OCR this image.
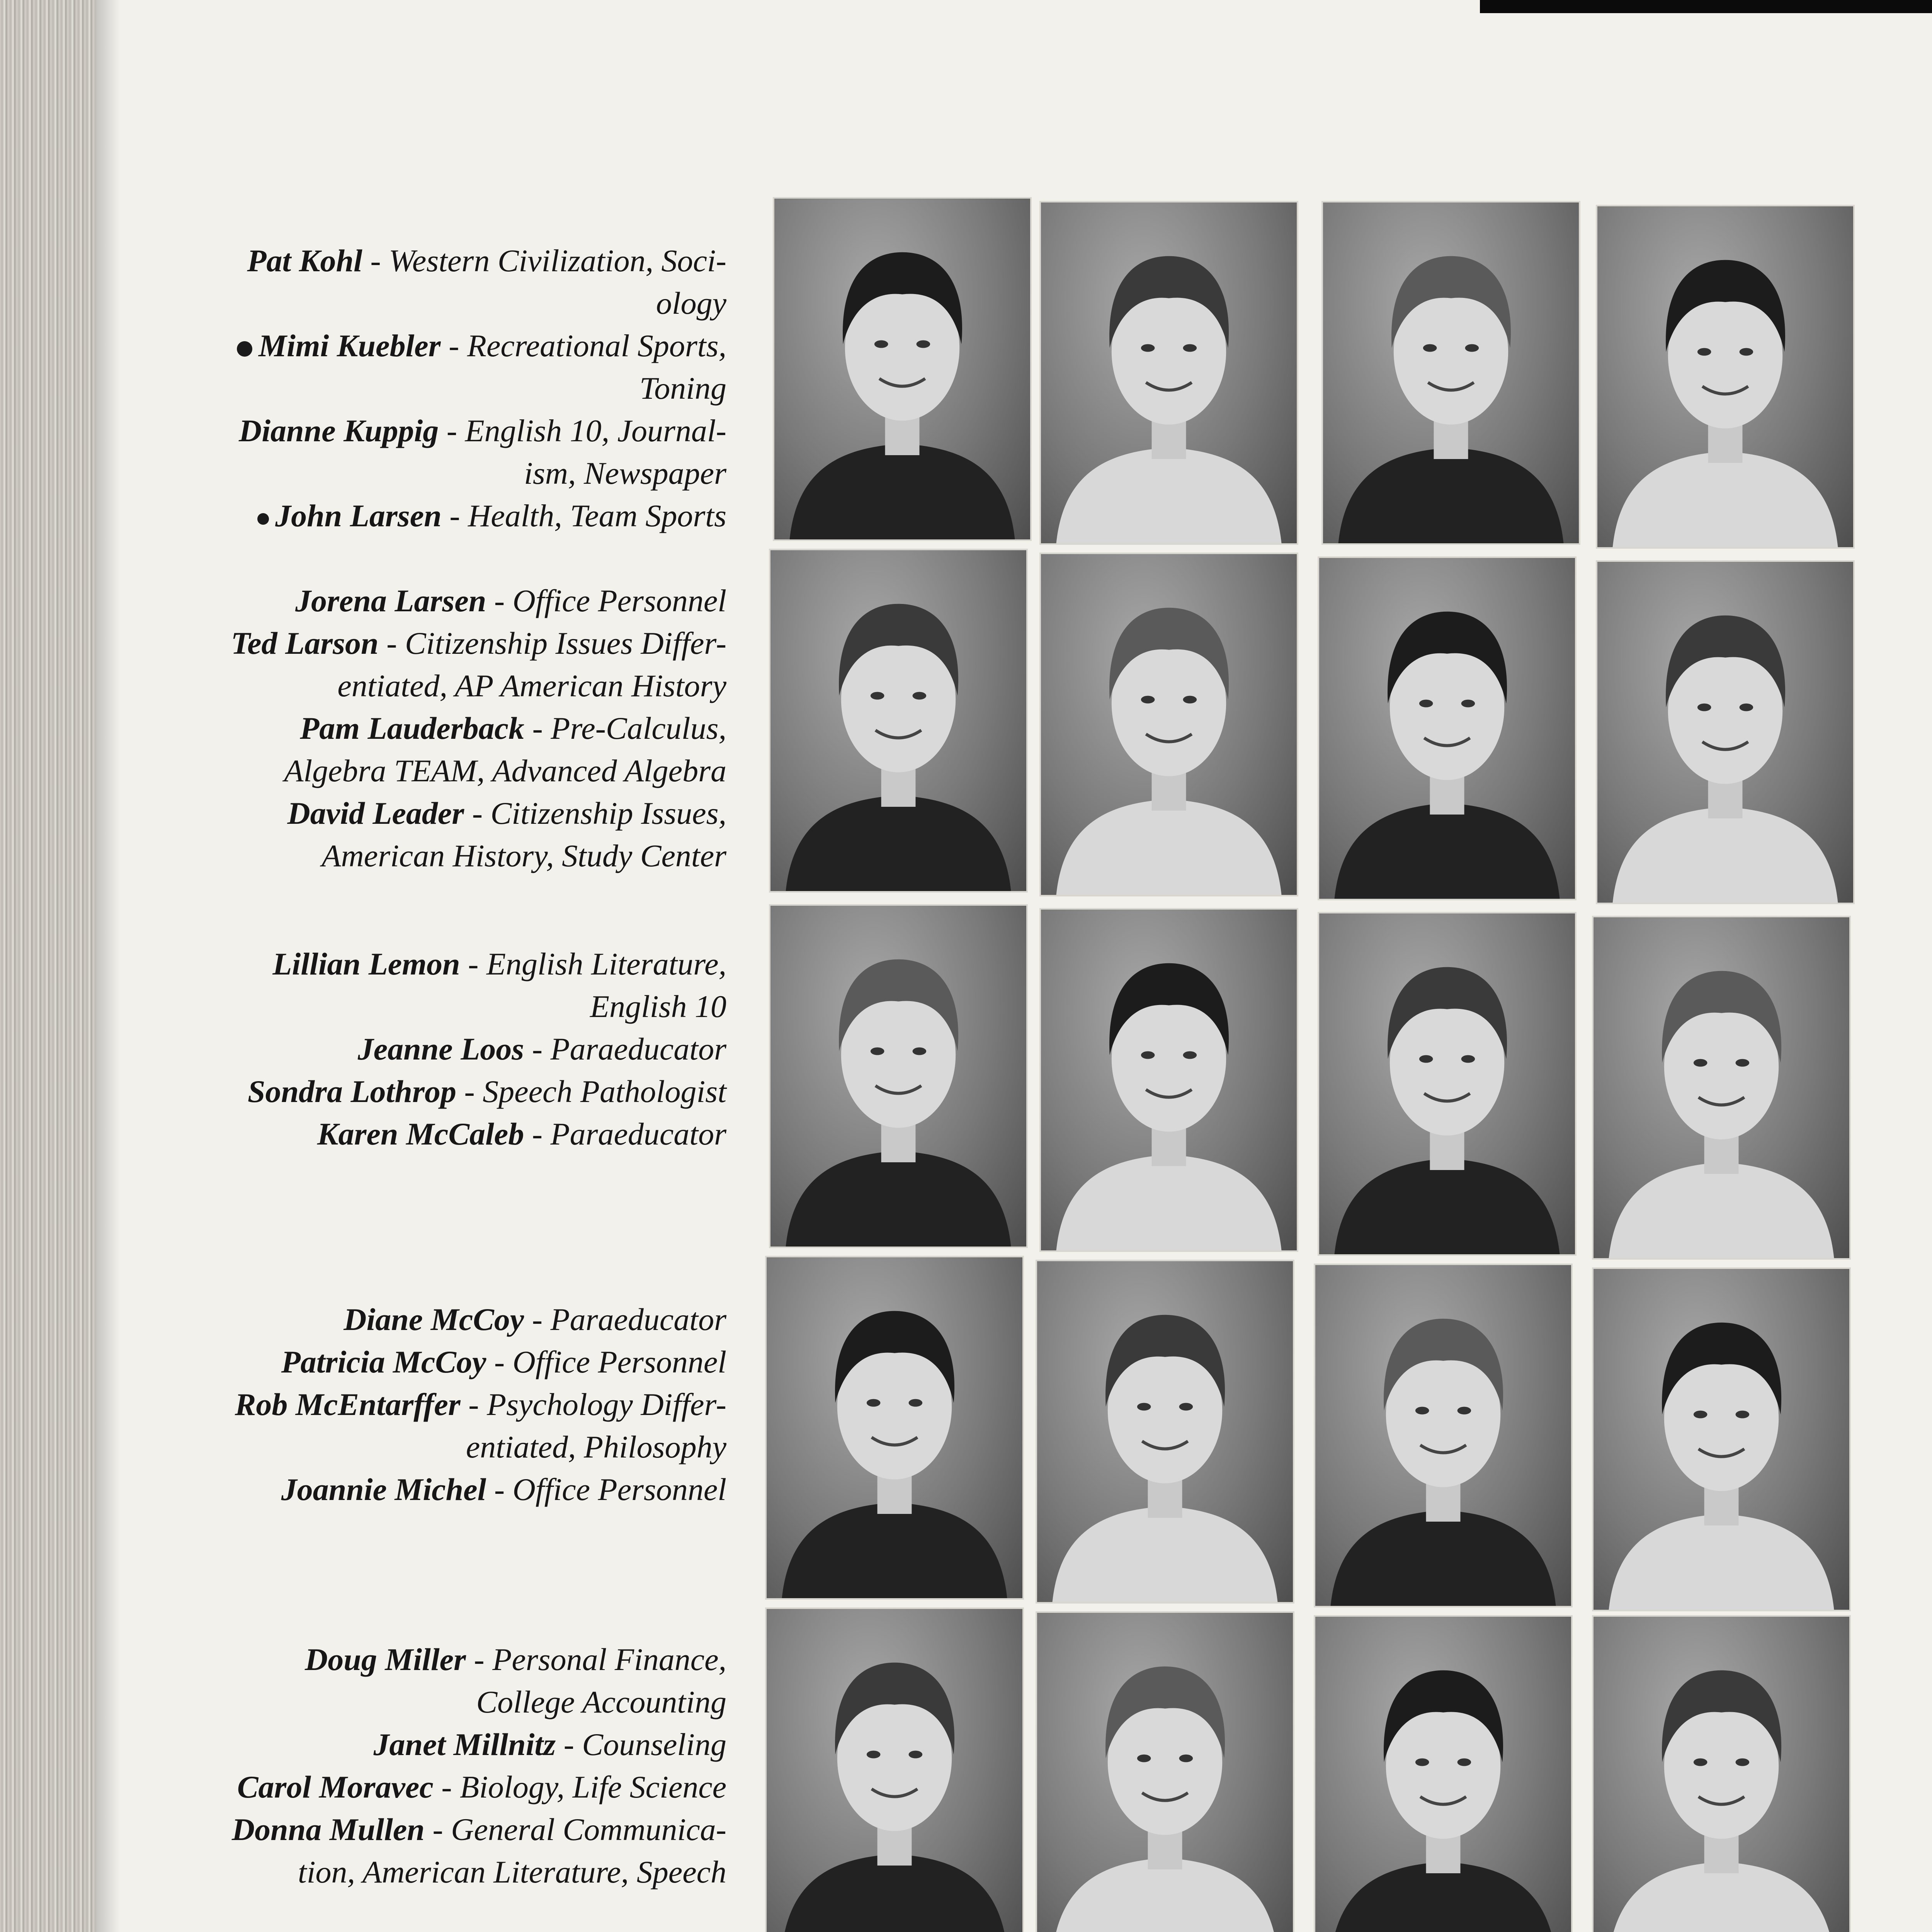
Pat Kohl - Western Civilization, Soci-

ology

Mimi Kuebler - Recreational Sports,

Toning

Dianne Kuppig - English 10, Journal-

ism, Newspaper

John Larsen - Health, Team Sports

Jorena Larsen - Office Personnel

Ted Larson - Citizenship Issues Differ-

entiated, AP American History

Pam Lauderback - Pre-Calculus,

Algebra TEAM, Advanced Algebra

David Leader - Citizenship Issues,

American History, Study Center

Lillian Lemon - English Literature,

English 10

Jeanne Loos - Paraeducator

Sondra Lothrop - Speech Pathologist

Karen McCaleb - Paraeducator

Diane McCoy - Paraeducator

Patricia McCoy - Office Personnel

Rob McEntarffer - Psychology Differ-

entiated, Philosophy

Joannie Michel - Office Personnel

Doug Miller - Personal Finance,

College Accounting

Janet Millnitz - Counseling

Carol Moravec - Biology, Life Science

Donna Mullen - General Communica-

tion, American Literature, Speech
